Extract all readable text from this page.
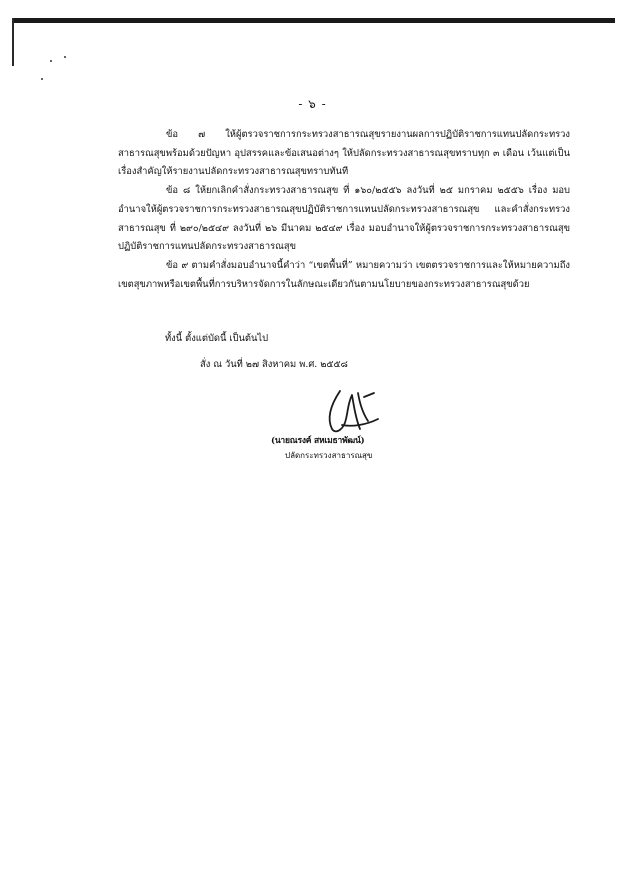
- ๖ -

ข้อ ๗ ให้ผู้ตรวจราชการกระทรวงสาธารณสุขรายงานผลการปฏิบัติราชการแทนปลัดกระทรวงสาธารณสุขพร้อมด้วยปัญหา อุปสรรคและข้อเสนอต่างๆ ให้ปลัดกระทรวงสาธารณสุขทราบทุก ๓ เดือน เว้นแต่เป็นเรื่องสำคัญให้รายงานปลัดกระทรวงสาธารณสุขทราบทันที

ข้อ ๘ ให้ยกเลิกคำสั่งกระทรวงสาธารณสุข ที่ ๑๖๐/๒๕๕๖ ลงวันที่ ๒๕ มกราคม ๒๕๕๖ เรื่อง มอบอำนาจให้ผู้ตรวจราชการกระทรวงสาธารณสุขปฏิบัติราชการแทนปลัดกระทรวงสาธารณสุข และคำสั่งกระทรวงสาธารณสุข ที่ ๒๙๐/๒๕๔๙ ลงวันที่ ๒๖ มีนาคม ๒๕๔๙ เรื่อง มอบอำนาจให้ผู้ตรวจราชการกระทรวงสาธารณสุขปฏิบัติราชการแทนปลัดกระทรวงสาธารณสุข

ข้อ ๙ ตามคำสั่งมอบอำนาจนี้คำว่า “เขตพื้นที่” หมายความว่า เขตตรวจราชการและให้หมายความถึงเขตสุขภาพหรือเขตพื้นที่การบริหารจัดการในลักษณะเดียวกันตามนโยบายของกระทรวงสาธารณสุขด้วย

ทั้งนี้ ตั้งแต่บัดนี้ เป็นต้นไป
สั่ง ณ วันที่ ๒๗ สิงหาคม พ.ศ. ๒๕๕๘
(นายณรงค์ สหเมธาพัฒน์)
ปลัดกระทรวงสาธารณสุข
